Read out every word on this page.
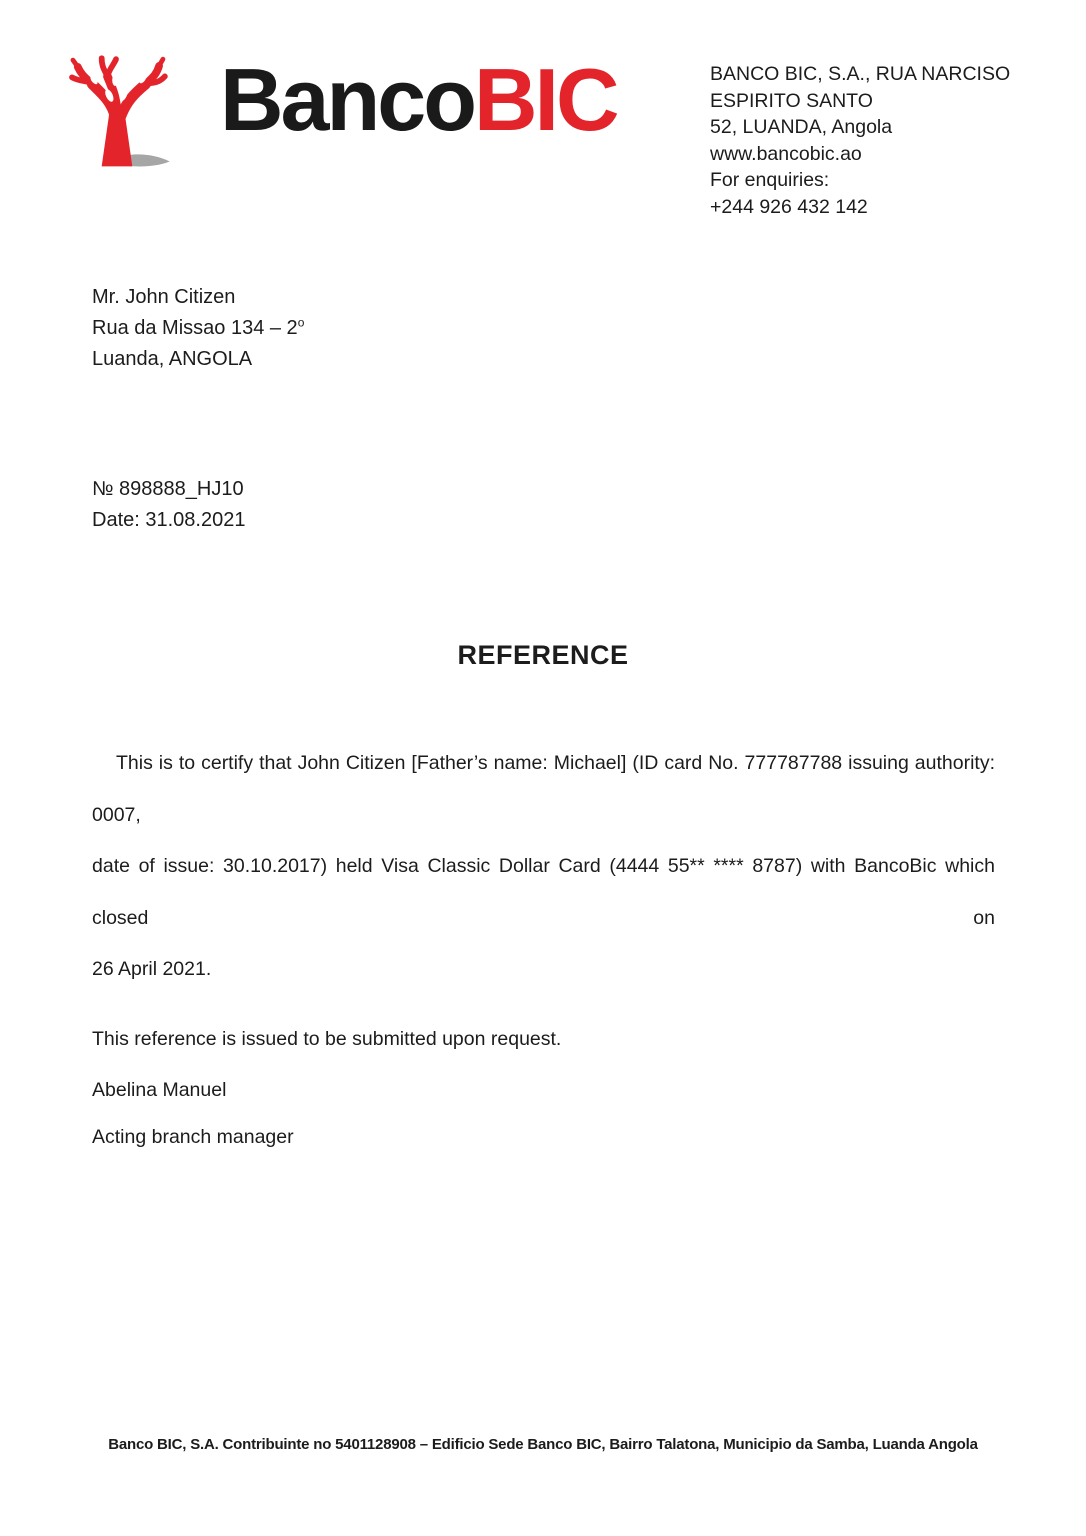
BancoBIC	BANCO BIC, S.A., RUA NARCISO
ESPIRITO SANTO
52, LUANDA, Angola
www.bancobic.ao
For enquiries:
+244 926 432 142
Mr. John Citizen
Rua da Missao 134 – 2$^o$
Luanda, ANGOLA
№ 898888_HJ10
Date: 31.08.2021
REFERENCE
This is to certify that John Citizen [Father’s name: Michael] (ID card No. 777787788 issuing authority: 0007,
date of issue: 30.10.2017) held Visa Classic Dollar Card (4444 55** **** 8787) with BancoBic which closed on
26 April 2021.
This reference is issued to be submitted upon request.
Abelina Manuel
Acting branch manager
Banco BIC, S.A. Contribuinte no 5401128908 – Edificio Sede Banco BIC, Bairro Talatona, Municipio da Samba, Luanda Angola
